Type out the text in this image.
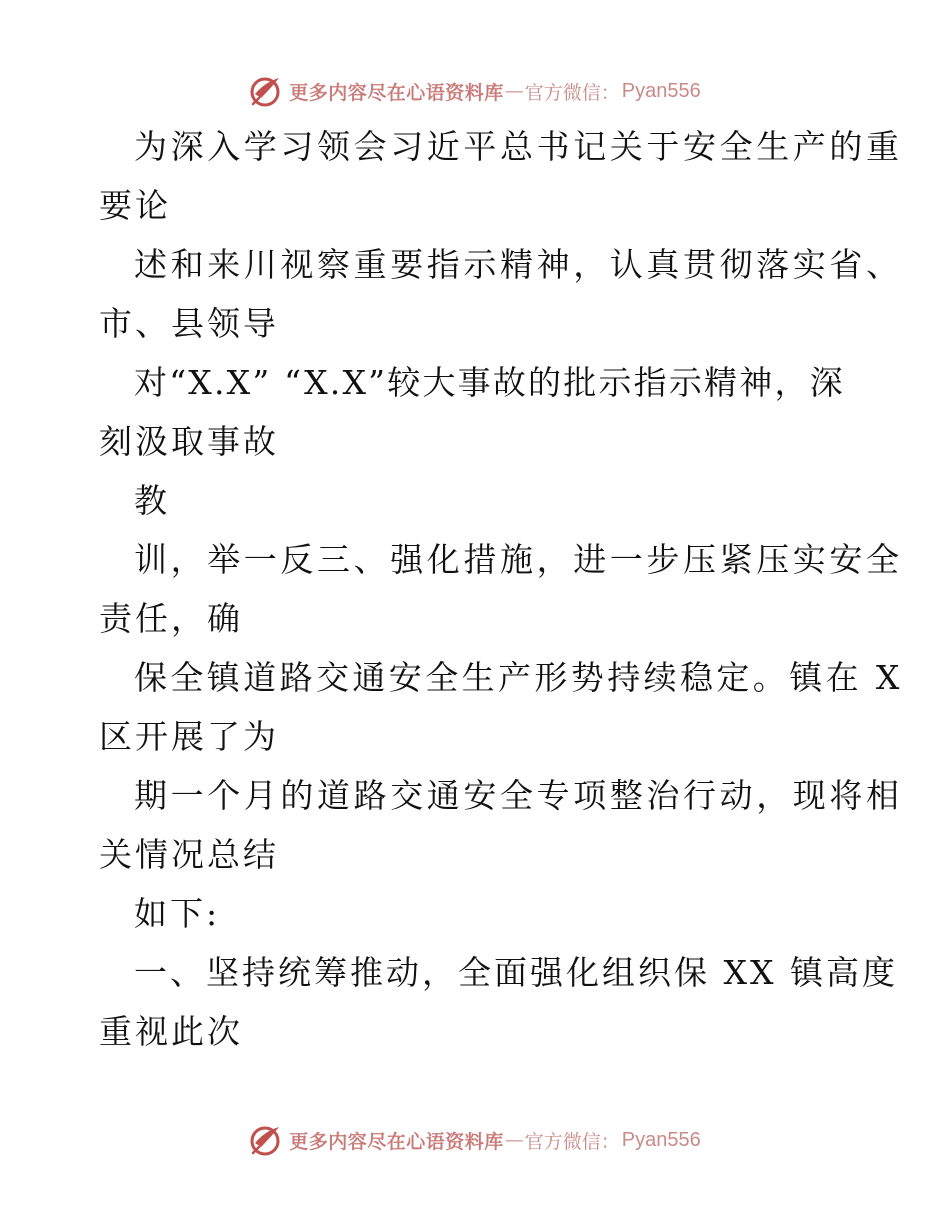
更多内容尽在心语资料库 — 官方微信： Pyan556
为深入学习领会习近平总书记关于安全生产的重
要论
述和来川视察重要指示精神，认真贯彻落实省、
市、县领导
对“X.X” “X.X”较大事故的批示指示精神，深
刻汲取事故
教
训，举一反三、强化措施，进一步压紧压实安全
责任，确
保全镇道路交通安全生产形势持续稳定。镇在 X
区开展了为
期一个月的道路交通安全专项整治行动，现将相
关情况总结
如下:
一、坚持统筹推动，全面强化组织保 XX 镇高度
重视此次
更多内容尽在心语资料库 — 官方微信： Pyan556
